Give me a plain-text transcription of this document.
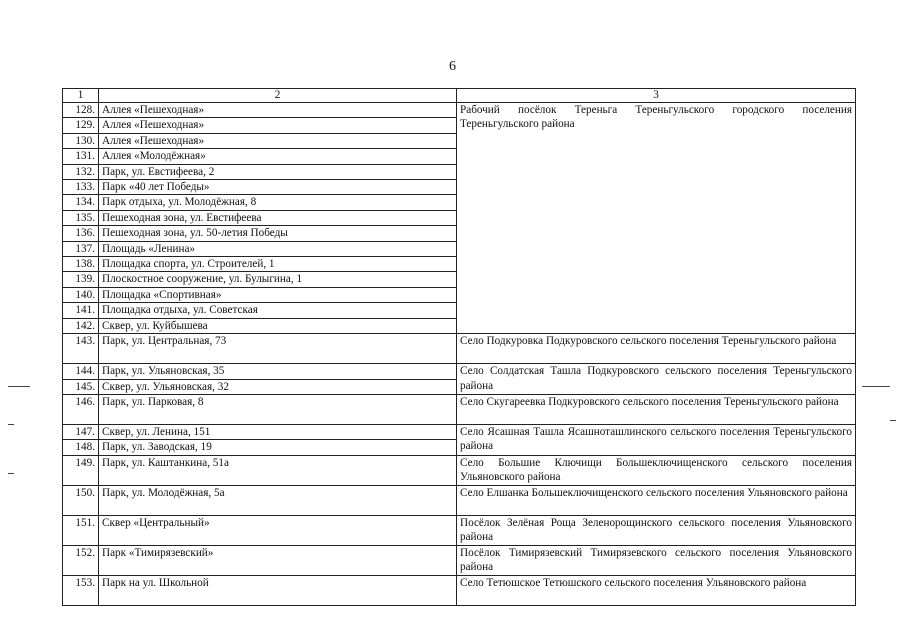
6
1	2	3
128.	Аллея «Пешеходная»	Рабочий посёлок Тереньга Тереньгульского городского поселения Тереньгульского района
129.	Аллея «Пешеходная»	
130.	Аллея «Пешеходная»	
131.	Аллея «Молодёжная»	
132.	Парк, ул. Евстифеева, 2	
133.	Парк «40 лет Победы»	
134.	Парк отдыха, ул. Молодёжная, 8	
135.	Пешеходная зона, ул. Евстифеева	
136.	Пешеходная зона, ул. 50-летия Победы	
137.	Площадь «Ленина»	
138.	Площадка спорта, ул. Строителей, 1	
139.	Плоскостное сооружение, ул. Булыгина, 1	
140.	Площадка «Спортивная»	
141.	Площадка отдыха, ул. Советская	
142.	Сквер, ул. Куйбышева	
143.	Парк, ул. Центральная, 73	Село Подкуровка Подкуровского сельского поселения Тереньгульского района
144.	Парк, ул. Ульяновская, 35	Село Солдатская Ташла Подкуровского сельского поселения Тереньгульского района
145.	Сквер, ул. Ульяновская, 32	
146.	Парк, ул. Парковая, 8	Село Скугареевка Подкуровского сельского поселения Тереньгульского района
147.	Сквер, ул. Ленина, 151	Село Ясашная Ташла Ясашноташлинского сельского поселения Тереньгульского района
148.	Парк, ул. Заводская, 19	
149.	Парк, ул. Каштанкина, 51а	Село Большие Ключищи Большеключищенского сельского поселения Ульяновского района
150.	Парк, ул. Молодёжная, 5а	Село Елшанка Большеключищенского сельского поселения Ульяновского района
151.	Сквер «Центральный»	Посёлок Зелёная Роща Зеленорощинского сельского поселения Ульяновского района
152.	Парк «Тимирязевский»	Посёлок Тимирязевский Тимирязевского сельского поселения Ульяновского района
153.	Парк на ул. Школьной	Село Тетюшское Тетюшского сельского поселения Ульяновского района
